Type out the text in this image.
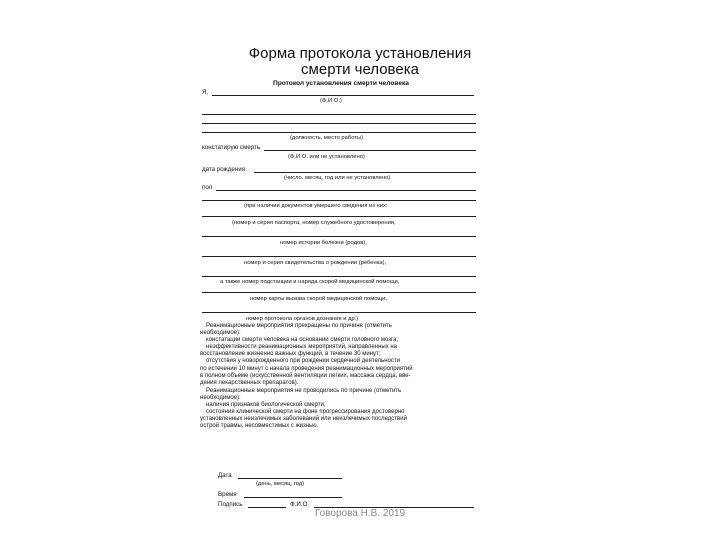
Форма протокола установления
смерти человека
Протокол установления смерти человека
Я,
(Ф.И.О.)
(должность, место работы)
констатирую смерть
(Ф.И.О. или не установлено)
дата рождения
(число, месяц, год или не установлено)
пол
(при наличии документов умершего сведения из них:
(номер и серия паспорта, номер служебного удостоверения,
номер истории болезни (родов),
номер и серия свидетельства о рождении (ребенка),
а также номер подстанции и наряда скорой медицинской помощи,
номер карты вызова скорой медицинской помощи,
номер протокола органов дознания и др.)
Реанимационные мероприятия прекращены по причине (отметить
необходимое):
констатации смерти человека на основании смерти головного мозга;
неэффективности реанимационных мероприятий, направленных на
восстановление жизненно важных функций, в течение 30 минут;
отсутствия у новорожденного при рождении сердечной деятельности
по истечении 10 минут с начала проведения реанимационных мероприятий
в полном объеме (искусственной вентиляции легких, массажа сердца, вве-
дения лекарственных препаратов).
Реанимационные мероприятия не проводились по причине (отметить
необходимое):
наличия признаков биологической смерти;
состояния клинической смерти на фоне прогрессирования достоверно
установленных неизлечимых заболеваний или неизлечимых последствий
острой травмы, несовместимых с жизнью.
Дата
(день, месяц, год)
Время
Подпись	Ф.И.О.
Говорова Н.В. 2019
